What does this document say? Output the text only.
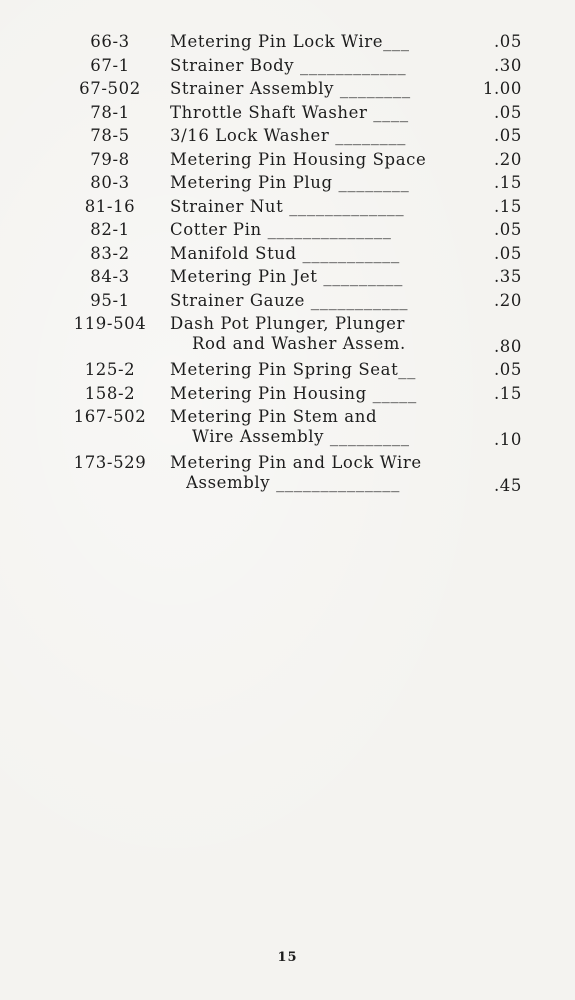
66-3	Metering Pin Lock Wire___	.05
67-1	Strainer Body ____________	.30
67-502	Strainer Assembly ________	1.00
78-1	Throttle Shaft Washer ____	.05
78-5	3/16 Lock Washer ________	.05
79-8	Metering Pin Housing Space	.20
80-3	Metering Pin Plug ________	.15
81-16	Strainer Nut _____________	.15
82-1	Cotter Pin ______________	.05
83-2	Manifold Stud ___________	.05
84-3	Metering Pin Jet _________	.35
95-1	Strainer Gauze ___________	.20
119-504	Dash Pot Plunger, Plunger
Rod and Washer Assem.	.80
125-2	Metering Pin Spring Seat__	.05
158-2	Metering Pin Housing _____	.15
167-502	Metering Pin Stem and
Wire Assembly _________	.10
173-529	Metering Pin and Lock Wire
Assembly ______________	.45
15
